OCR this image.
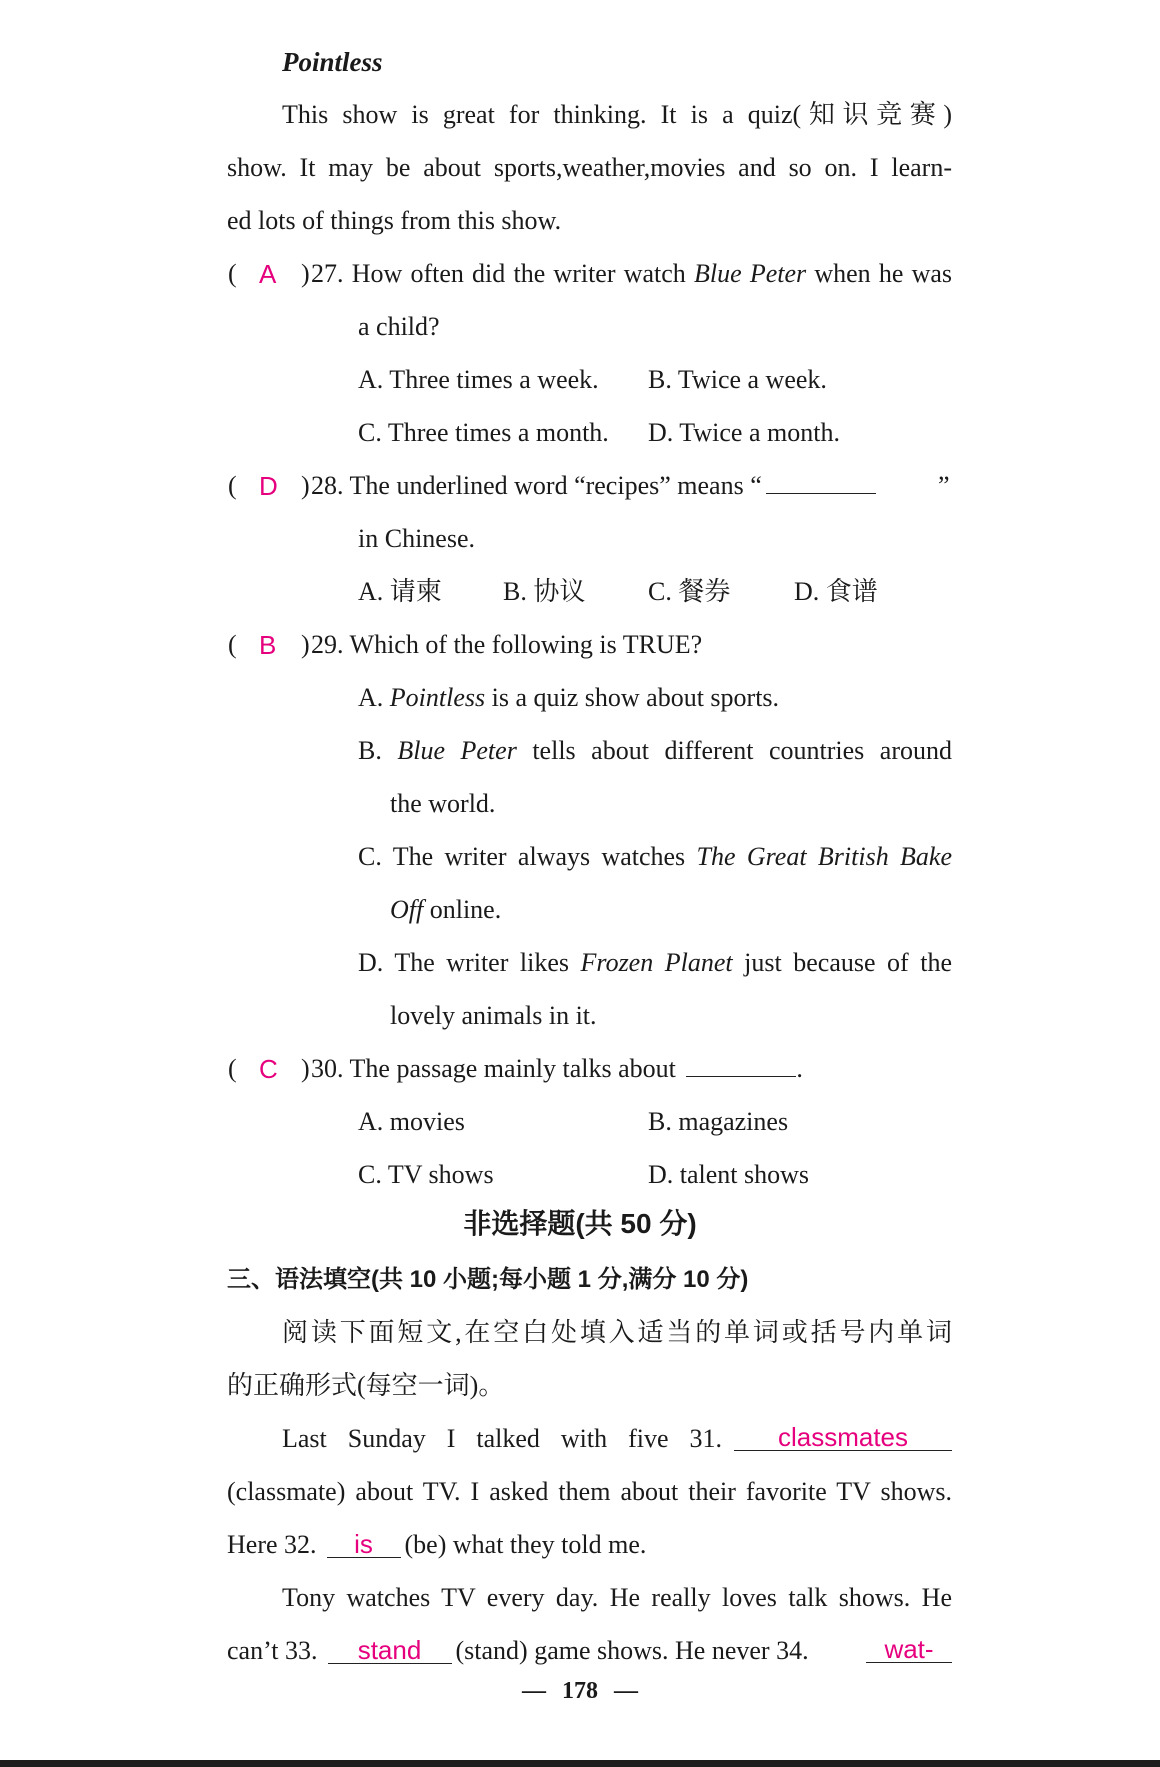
Pointless
This show is great for thinking. It is a quiz(知识竞赛)
show. It may be about sports,weather,movies and so on. I learn-
ed lots of things from this show.
( A ) 27. How often did the writer watch Blue Peter when he was
a child?
A. Three times a week. B. Twice a week.
C. Three times a month. D. Twice a month.
( D ) 28. The underlined word “recipes” means “	”
in Chinese.
A. 请柬 B. 协议 C. 餐券 D. 食谱
( B ) 29. Which of the following is TRUE?
A. Pointless is a quiz show about sports.
B. Blue Peter tells about different countries around
the world.
C. The writer always watches The Great British Bake
Off online.
D. The writer likes Frozen Planet just because of the
lovely animals in it.
( C ) 30. The passage mainly talks about	.
A. movies	B. magazines
C. TV shows	D. talent shows
非选择题(共 50 分)
三、语法填空(共 10 小题;每小题 1 分,满分 10 分)
阅读下面短文,在空白处填入适当的单词或括号内单词
的正确形式(每空一词)。
Last Sunday I talked with five 31.	classmates
(classmate) about TV. I asked them about their favorite TV shows.
Here 32. is (be) what they told me.
Tony watches TV every day. He really loves talk shows. He
can’t 33. stand (stand) game shows. He never 34.	wat-
— 178 —
